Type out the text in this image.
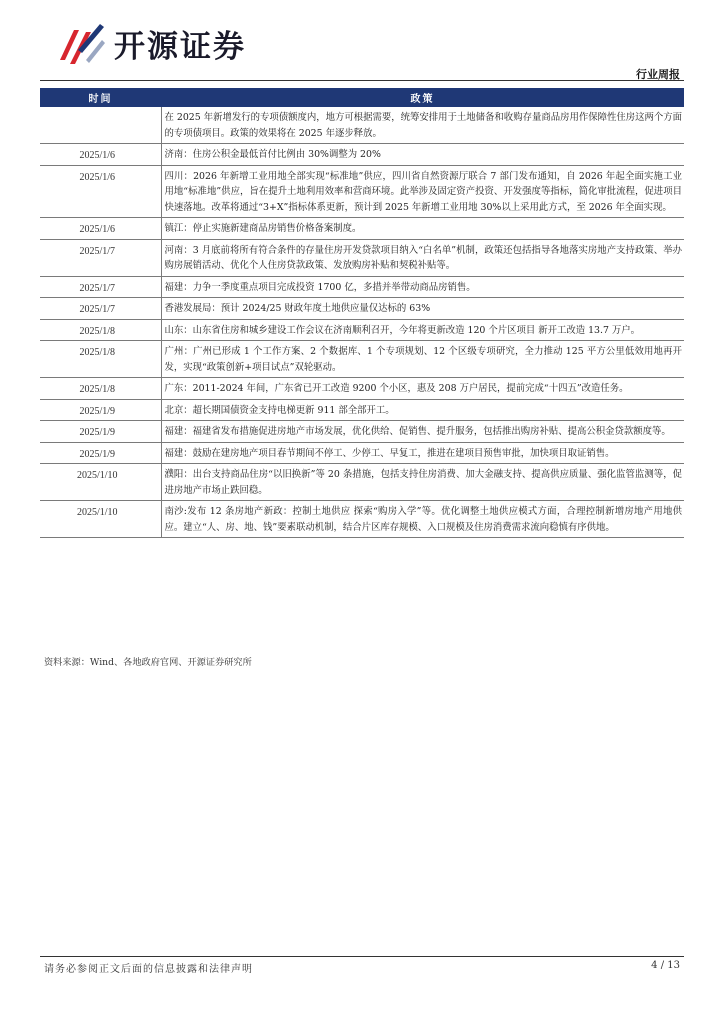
开源证券
行业周报
时间	政策
	在 2025 年新增发行的专项债额度内，地方可根据需要，统筹安排用于土地储备和收购存量商品房用作保障性住房这两个方面的专项债项目。政策的效果将在 2025 年逐步释放。
2025/1/6	济南：住房公积金最低首付比例由 30%调整为 20%
2025/1/6	四川：2026 年新增工业用地全部实现“标准地”供应，四川省自然资源厅联合 7 部门发布通知，自 2026 年起全面实施工业用地“标准地”供应，旨在提升土地利用效率和营商环境。此举涉及固定资产投资、开发强度等指标，简化审批流程，促进项目快速落地。改革将通过“3+X”指标体系更新，预计到 2025 年新增工业用地 30%以上采用此方式，至 2026 年全面实现。
2025/1/6	镇江：停止实施新建商品房销售价格备案制度。
2025/1/7	河南：3 月底前将所有符合条件的存量住房开发贷款项目纳入“白名单”机制，政策还包括指导各地落实房地产支持政策、举办购房展销活动、优化个人住房贷款政策、发放购房补贴和契税补贴等。
2025/1/7	福建：力争一季度重点项目完成投资 1700 亿，多措并举带动商品房销售。
2025/1/7	香港发展局：预计 2024/25 财政年度土地供应量仅达标的 63%
2025/1/8	山东：山东省住房和城乡建设工作会议在济南顺利召开，今年将更新改造 120 个片区项目 新开工改造 13.7 万户。
2025/1/8	广州：广州已形成 1 个工作方案、2 个数据库、1 个专项规划、12 个区级专项研究，全力推动 125 平方公里低效用地再开发，实现“政策创新+项目试点”双轮驱动。
2025/1/8	广东：2011-2024 年间，广东省已开工改造 9200 个小区，惠及 208 万户居民，提前完成“十四五”改造任务。
2025/1/9	北京：超长期国债资金支持电梯更新 911 部全部开工。
2025/1/9	福建：福建省发布措施促进房地产市场发展，优化供给、促销售、提升服务，包括推出购房补贴、提高公积金贷款额度等。
2025/1/9	福建：鼓励在建房地产项目春节期间不停工、少停工、早复工，推进在建项目预售审批，加快项目取证销售。
2025/1/10	濮阳：出台支持商品住房“以旧换新”等 20 条措施，包括支持住房消费、加大金融支持、提高供应质量、强化监管监测等，促进房地产市场止跌回稳。
2025/1/10	南沙:发布 12 条房地产新政：控制土地供应 探索“购房入学”等。优化调整土地供应模式方面，合理控制新增房地产用地供应。建立“人、房、地、钱”要素联动机制，结合片区库存规模、入口规模及住房消费需求流向稳慎有序供地。
资料来源：Wind、各地政府官网、开源证券研究所
请务必参阅正文后面的信息披露和法律声明	4 / 13
